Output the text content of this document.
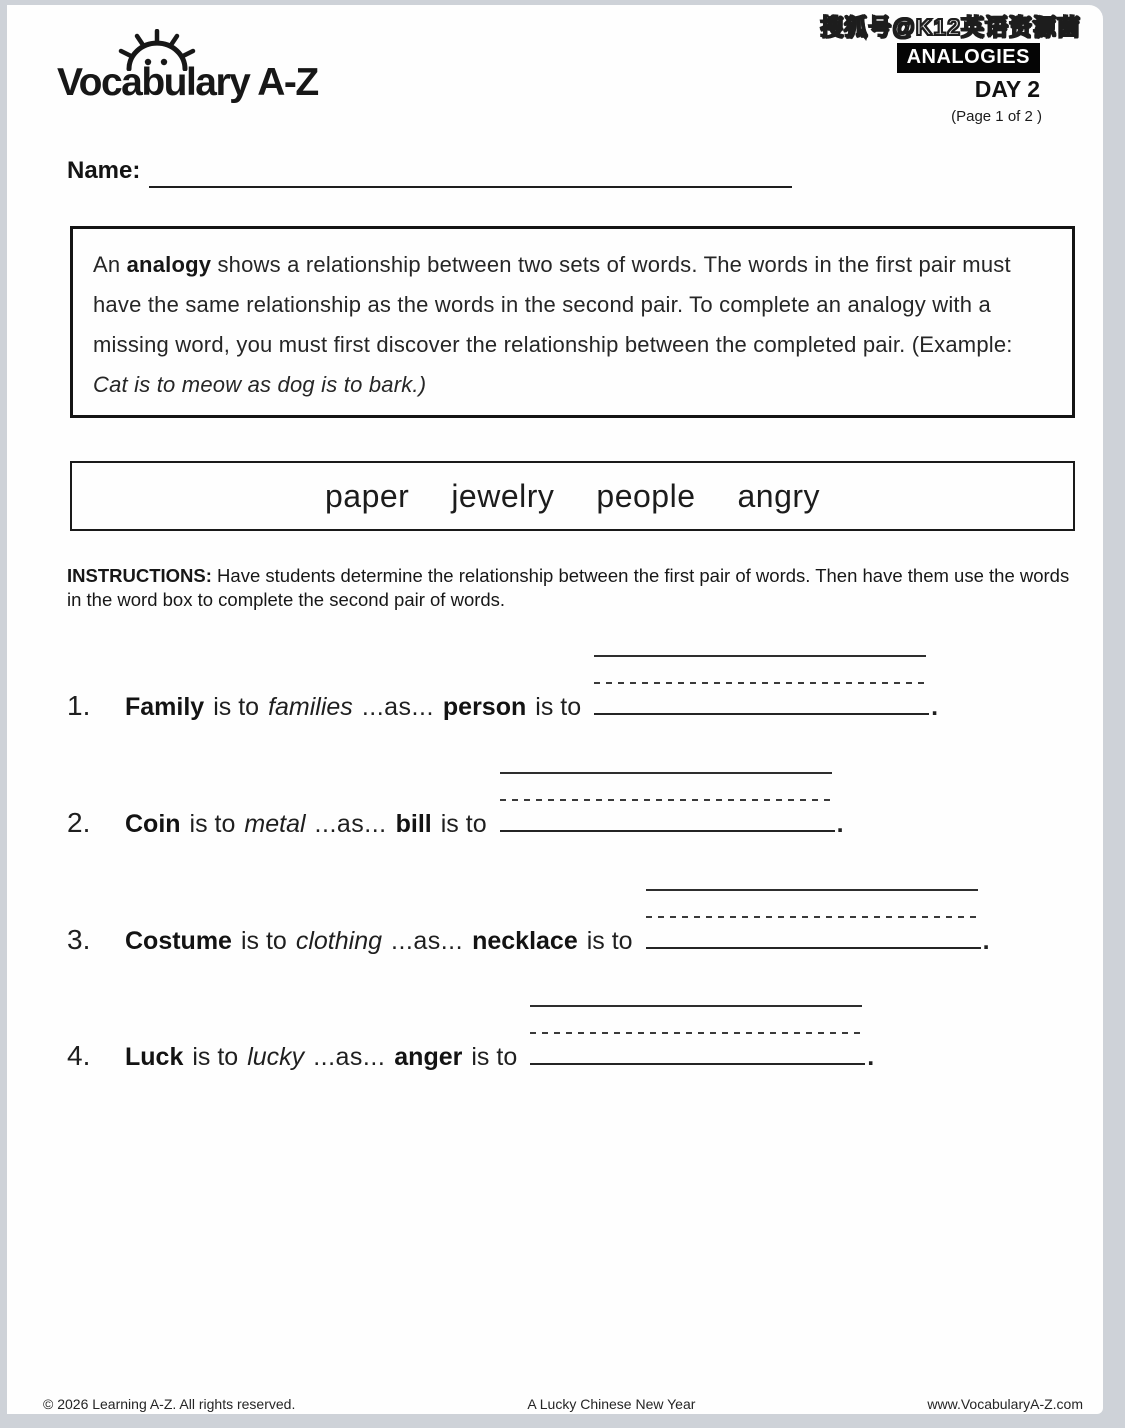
Vocabulary A-Z
搜狐号@K12英语资源菌
ANALOGIES
DAY 2
(Page 1 of 2 )
Name:
An analogy shows a relationship between two sets of words. The words in the first pair must have the same relationship as the words in the second pair. To complete an analogy with a missing word, you must first discover the relationship between the completed pair. (Example: Cat is to meow as dog is to bark.)
paper jewelry people angry
INSTRUCTIONS: Have students determine the relationship between the first pair of words. Then have them use the words in the word box to complete the second pair of words.
1.	Family is to families ...as... person is to	.
2.	Coin is to metal ...as... bill is to	.
3.	Costume is to clothing ...as... necklace is to	.
4.	Luck is to lucky ...as... anger is to	.
© 2026 Learning A-Z. All rights reserved.	A Lucky Chinese New Year	www.VocabularyA-Z.com
